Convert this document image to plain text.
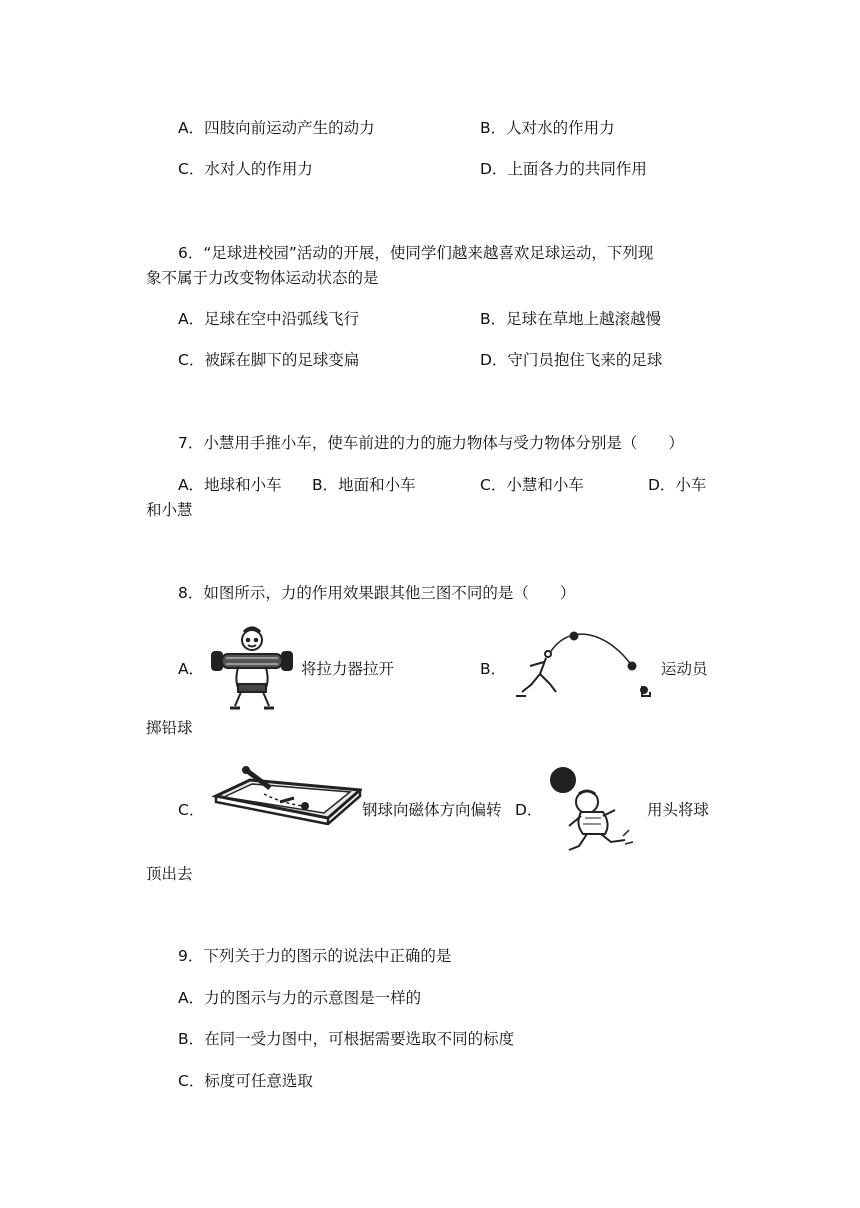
A．四肢向前运动产生的动力	B．人对水的作用力
C．水对人的作用力	D．上面各力的共同作用
6．“足球进校园”活动的开展，使同学们越来越喜欢足球运动，下列现
象不属于力改变物体运动状态的是
A．足球在空中沿弧线飞行	B．足球在草地上越滚越慢
C．被踩在脚下的足球变扁	D．守门员抱住飞来的足球
7．小慧用手推小车，使车前进的力的施力物体与受力物体分别是（　　）
A．地球和小车 B．地面和小车	C．小慧和小车	D．小车
和小慧
8．如图所示，力的作用效果跟其他三图不同的是（　　）
A．	将拉力器拉开	B．	运动员
掷铅球
C．	钢球向磁体方向偏转 D．	用头将球
顶出去
9．下列关于力的图示的说法中正确的是
A．力的图示与力的示意图是一样的
B．在同一受力图中，可根据需要选取不同的标度
C．标度可任意选取
